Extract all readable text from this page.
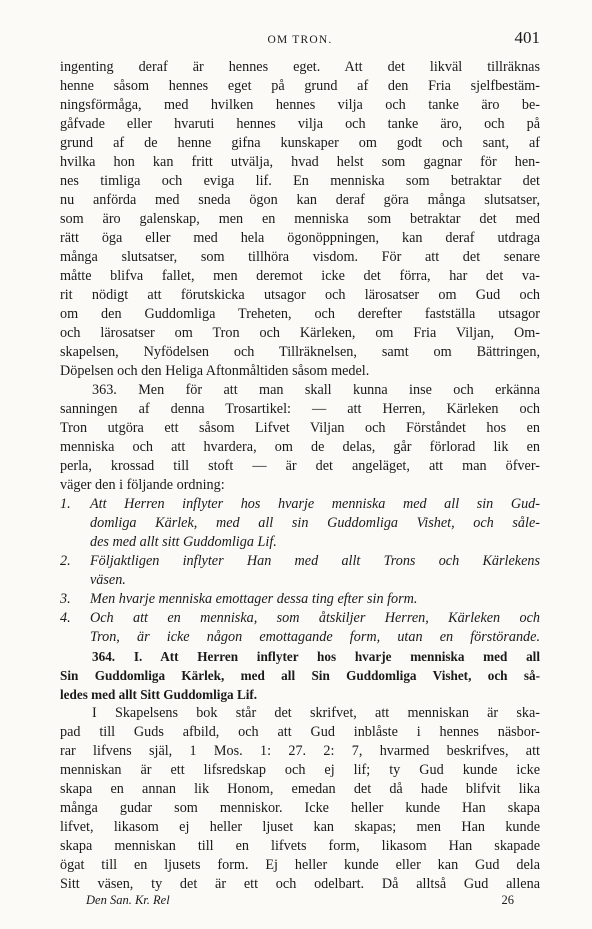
OM TRON.	401
ingenting deraf är hennes eget. Att det likväl tillräknas
henne såsom hennes eget på grund af den Fria sjelfbestäm-
ningsförmåga, med hvilken hennes vilja och tanke äro be-
gåfvade eller hvaruti hennes vilja och tanke äro, och på
grund af de henne gifna kunskaper om godt och sant, af
hvilka hon kan fritt utvälja, hvad helst som gagnar för hen-
nes timliga och eviga lif. En menniska som betraktar det
nu anförda med sneda ögon kan deraf göra många slutsatser,
som äro galenskap, men en menniska som betraktar det med
rätt öga eller med hela ögonöppningen, kan deraf utdraga
många slutsatser, som tillhöra visdom. För att det senare
måtte blifva fallet, men deremot icke det förra, har det va-
rit nödigt att förutskicka utsagor och lärosatser om Gud och
om den Guddomliga Treheten, och derefter fastställa utsagor
och lärosatser om Tron och Kärleken, om Fria Viljan, Om-
skapelsen, Nyfödelsen och Tillräknelsen, samt om Bättringen,
Döpelsen och den Heliga Aftonmåltiden såsom medel.
363. Men för att man skall kunna inse och erkänna
sanningen af denna Trosartikel: — att Herren, Kärleken och
Tron utgöra ett såsom Lifvet Viljan och Förståndet hos en
menniska och att hvardera, om de delas, går förlorad lik en
perla, krossad till stoft — är det angeläget, att man öfver-
väger den i följande ordning:
1. Att Herren inflyter hos hvarje menniska med all sin Gud-
domliga Kärlek, med all sin Guddomliga Vishet, och såle-
des med allt sitt Guddomliga Lif.
2. Följaktligen inflyter Han med allt Trons och Kärlekens
väsen.
3. Men hvarje menniska emottager dessa ting efter sin form.
4. Och att en menniska, som åtskiljer Herren, Kärleken och
Tron, är icke någon emottagande form, utan en förstörande.
364. I. Att Herren inflyter hos hvarje menniska med all
Sin Guddomliga Kärlek, med all Sin Guddomliga Vishet, och så-
ledes med allt Sitt Guddomliga Lif.
I Skapelsens bok står det skrifvet, att menniskan är ska-
pad till Guds afbild, och att Gud inblåste i hennes näsbor-
rar lifvens själ, 1 Mos. 1: 27. 2: 7, hvarmed beskrifves, att
menniskan är ett lifsredskap och ej lif; ty Gud kunde icke
skapa en annan lik Honom, emedan det då hade blifvit lika
många gudar som menniskor. Icke heller kunde Han skapa
lifvet, likasom ej heller ljuset kan skapas; men Han kunde
skapa menniskan till en lifvets form, likasom Han skapade
ögat till en ljusets form. Ej heller kunde eller kan Gud dela
Sitt väsen, ty det är ett och odelbart. Då alltså Gud allena
Den San. Kr. Rel	26
